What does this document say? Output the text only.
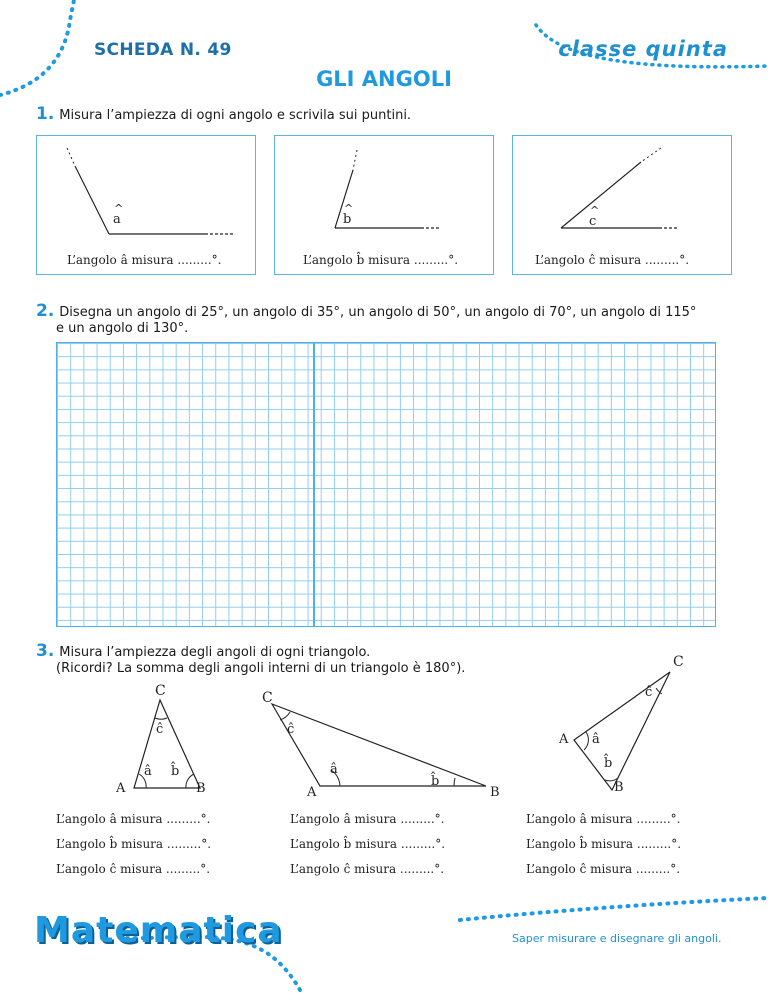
SCHEDA N. 49	classe quinta
GLI ANGOLI
1. Misura l’ampiezza di ogni angolo e scrivila sui puntini.
a
^
L’angolo â misura .........°.
b
^
L’angolo b̂ misura .........°.
c
^
L’angolo ĉ misura .........°.
2. Disegna un angolo di 25°, un angolo di 35°, un angolo di 50°, un angolo di 70°, un angolo di 115°
e un angolo di 130°.
3. Misura l’ampiezza degli angoli di ogni triangolo.
(Ricordi? La somma degli angoli interni di un triangolo è 180°).
C
A	B
ĉ
â b̂
C
A	B
ĉ
â
b̂
C
A
B
ĉ
â
b̂
L’angolo â misura .........°.
L’angolo b̂ misura .........°.
L’angolo ĉ misura .........°.
L’angolo â misura .........°.
L’angolo b̂ misura .........°.
L’angolo ĉ misura .........°.
L’angolo â misura .........°.
L’angolo b̂ misura .........°.
L’angolo ĉ misura .........°.
Matematica	Saper misurare e disegnare gli angoli.
